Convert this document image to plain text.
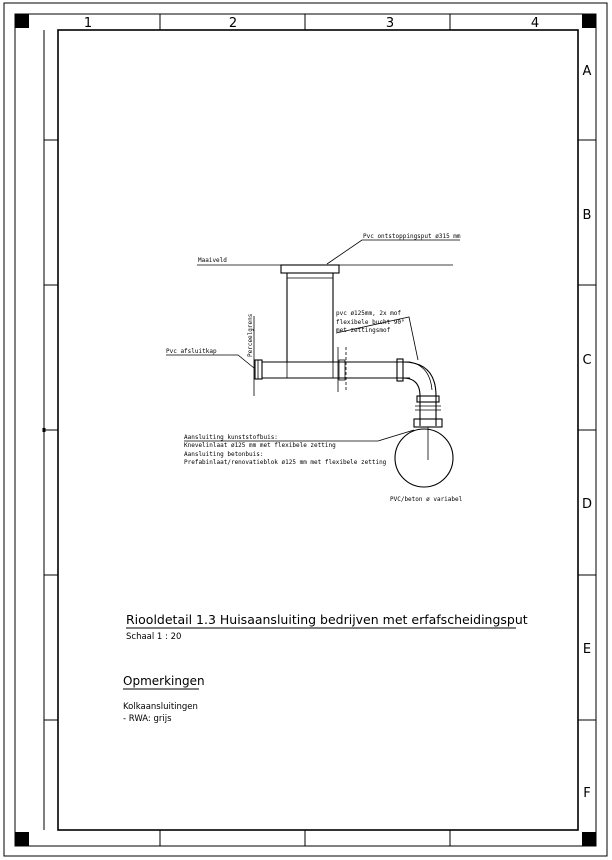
1	2	3	4
A
B
C
D
E
F
Maaiveld
Pvc ontstoppingsput ø315 mm
Perceelgrens
pvc ø125mm, 2x mof
flexibele bucht 90°
met zettingsmof
PVC/beton ø variabel
Pvc afsluitkap
Aansluiting kunststofbuis:
Knevelinlaat ø125 mm met flexibele zetting
Aansluiting betonbuis:
Prefabinlaat/renovatieblok ø125 mm met flexibele zetting
Riooldetail 1.3 Huisaansluiting bedrijven met erfafscheidingsput
Schaal 1 : 20
Opmerkingen
Kolkaansluitingen
- RWA: grijs
